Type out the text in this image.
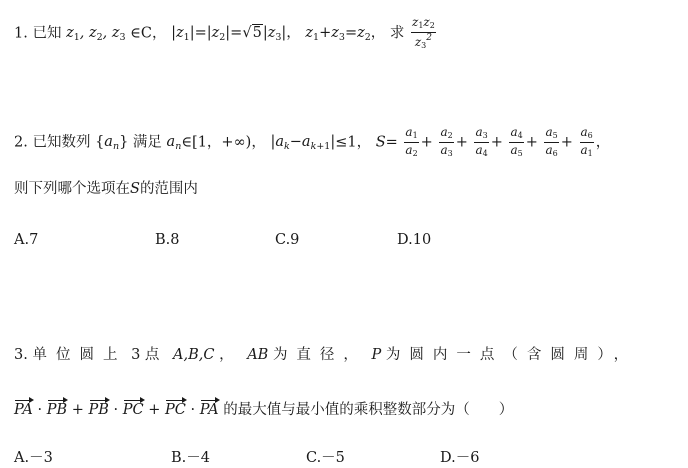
1. 已知 $z_1$, $z_2$, $z_3$ ∈C， $|z_1|=|z_2|=√5|z_3|$， $z_1+z_3=z_2$， 求 $\frac{z_1z_2}{z_3^2}$
2. 已知数列 $\{a_n\}$ 满足 $a_n\in[1$，+∞)， $|a_k-a_{k+1}|\le 1$， $S= \frac{a_1}{a_2} + \frac{a_2}{a_3} + \frac{a_3}{a_4} + \frac{a_4}{a_5} + \frac{a_5}{a_6} + \frac{a_6}{a_1}$ ，
则下列哪个选项在S的范围内
A.7	B.8	C.9	D.10
3. 单位圆上 3 点 A,B,C ， AB 为直径， P 为圆内一点（含圆周），
PA · PB + PB · PC + PC · PA 的最大值与最小值的乘积整数部分为（　　）
A.－3	B.－4	C.－5	D.－6
